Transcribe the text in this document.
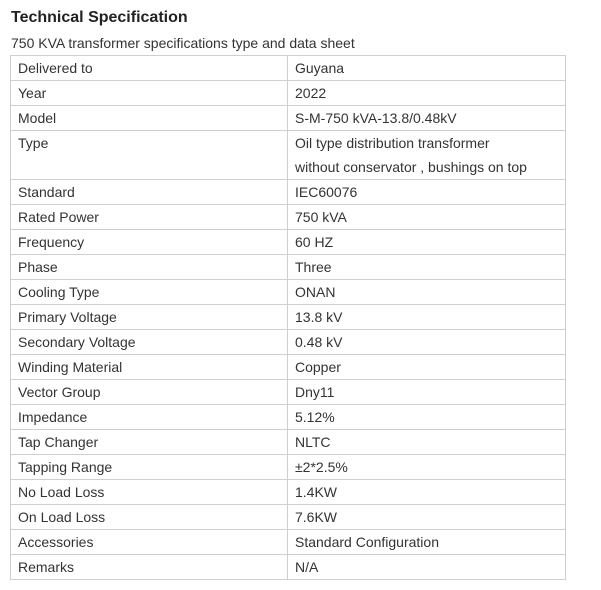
Technical Specification

750 KVA transformer specifications type and data sheet

Delivered to	Guyana
Year	2022
Model	S-M-750 kVA-13.8/0.48kV
Type	Oil type distribution transformer
without conservator , bushings on top

Standard	IEC60076
Rated Power	750 kVA
Frequency	60 HZ
Phase	Three
Cooling Type	ONAN
Primary Voltage	13.8 kV
Secondary Voltage	0.48 kV
Winding Material	Copper
Vector Group	Dny11
Impedance	5.12%
Tap Changer	NLTC
Tapping Range	±2*2.5%
No Load Loss	1.4KW
On Load Loss	7.6KW
Accessories	Standard Configuration
Remarks	N/A
